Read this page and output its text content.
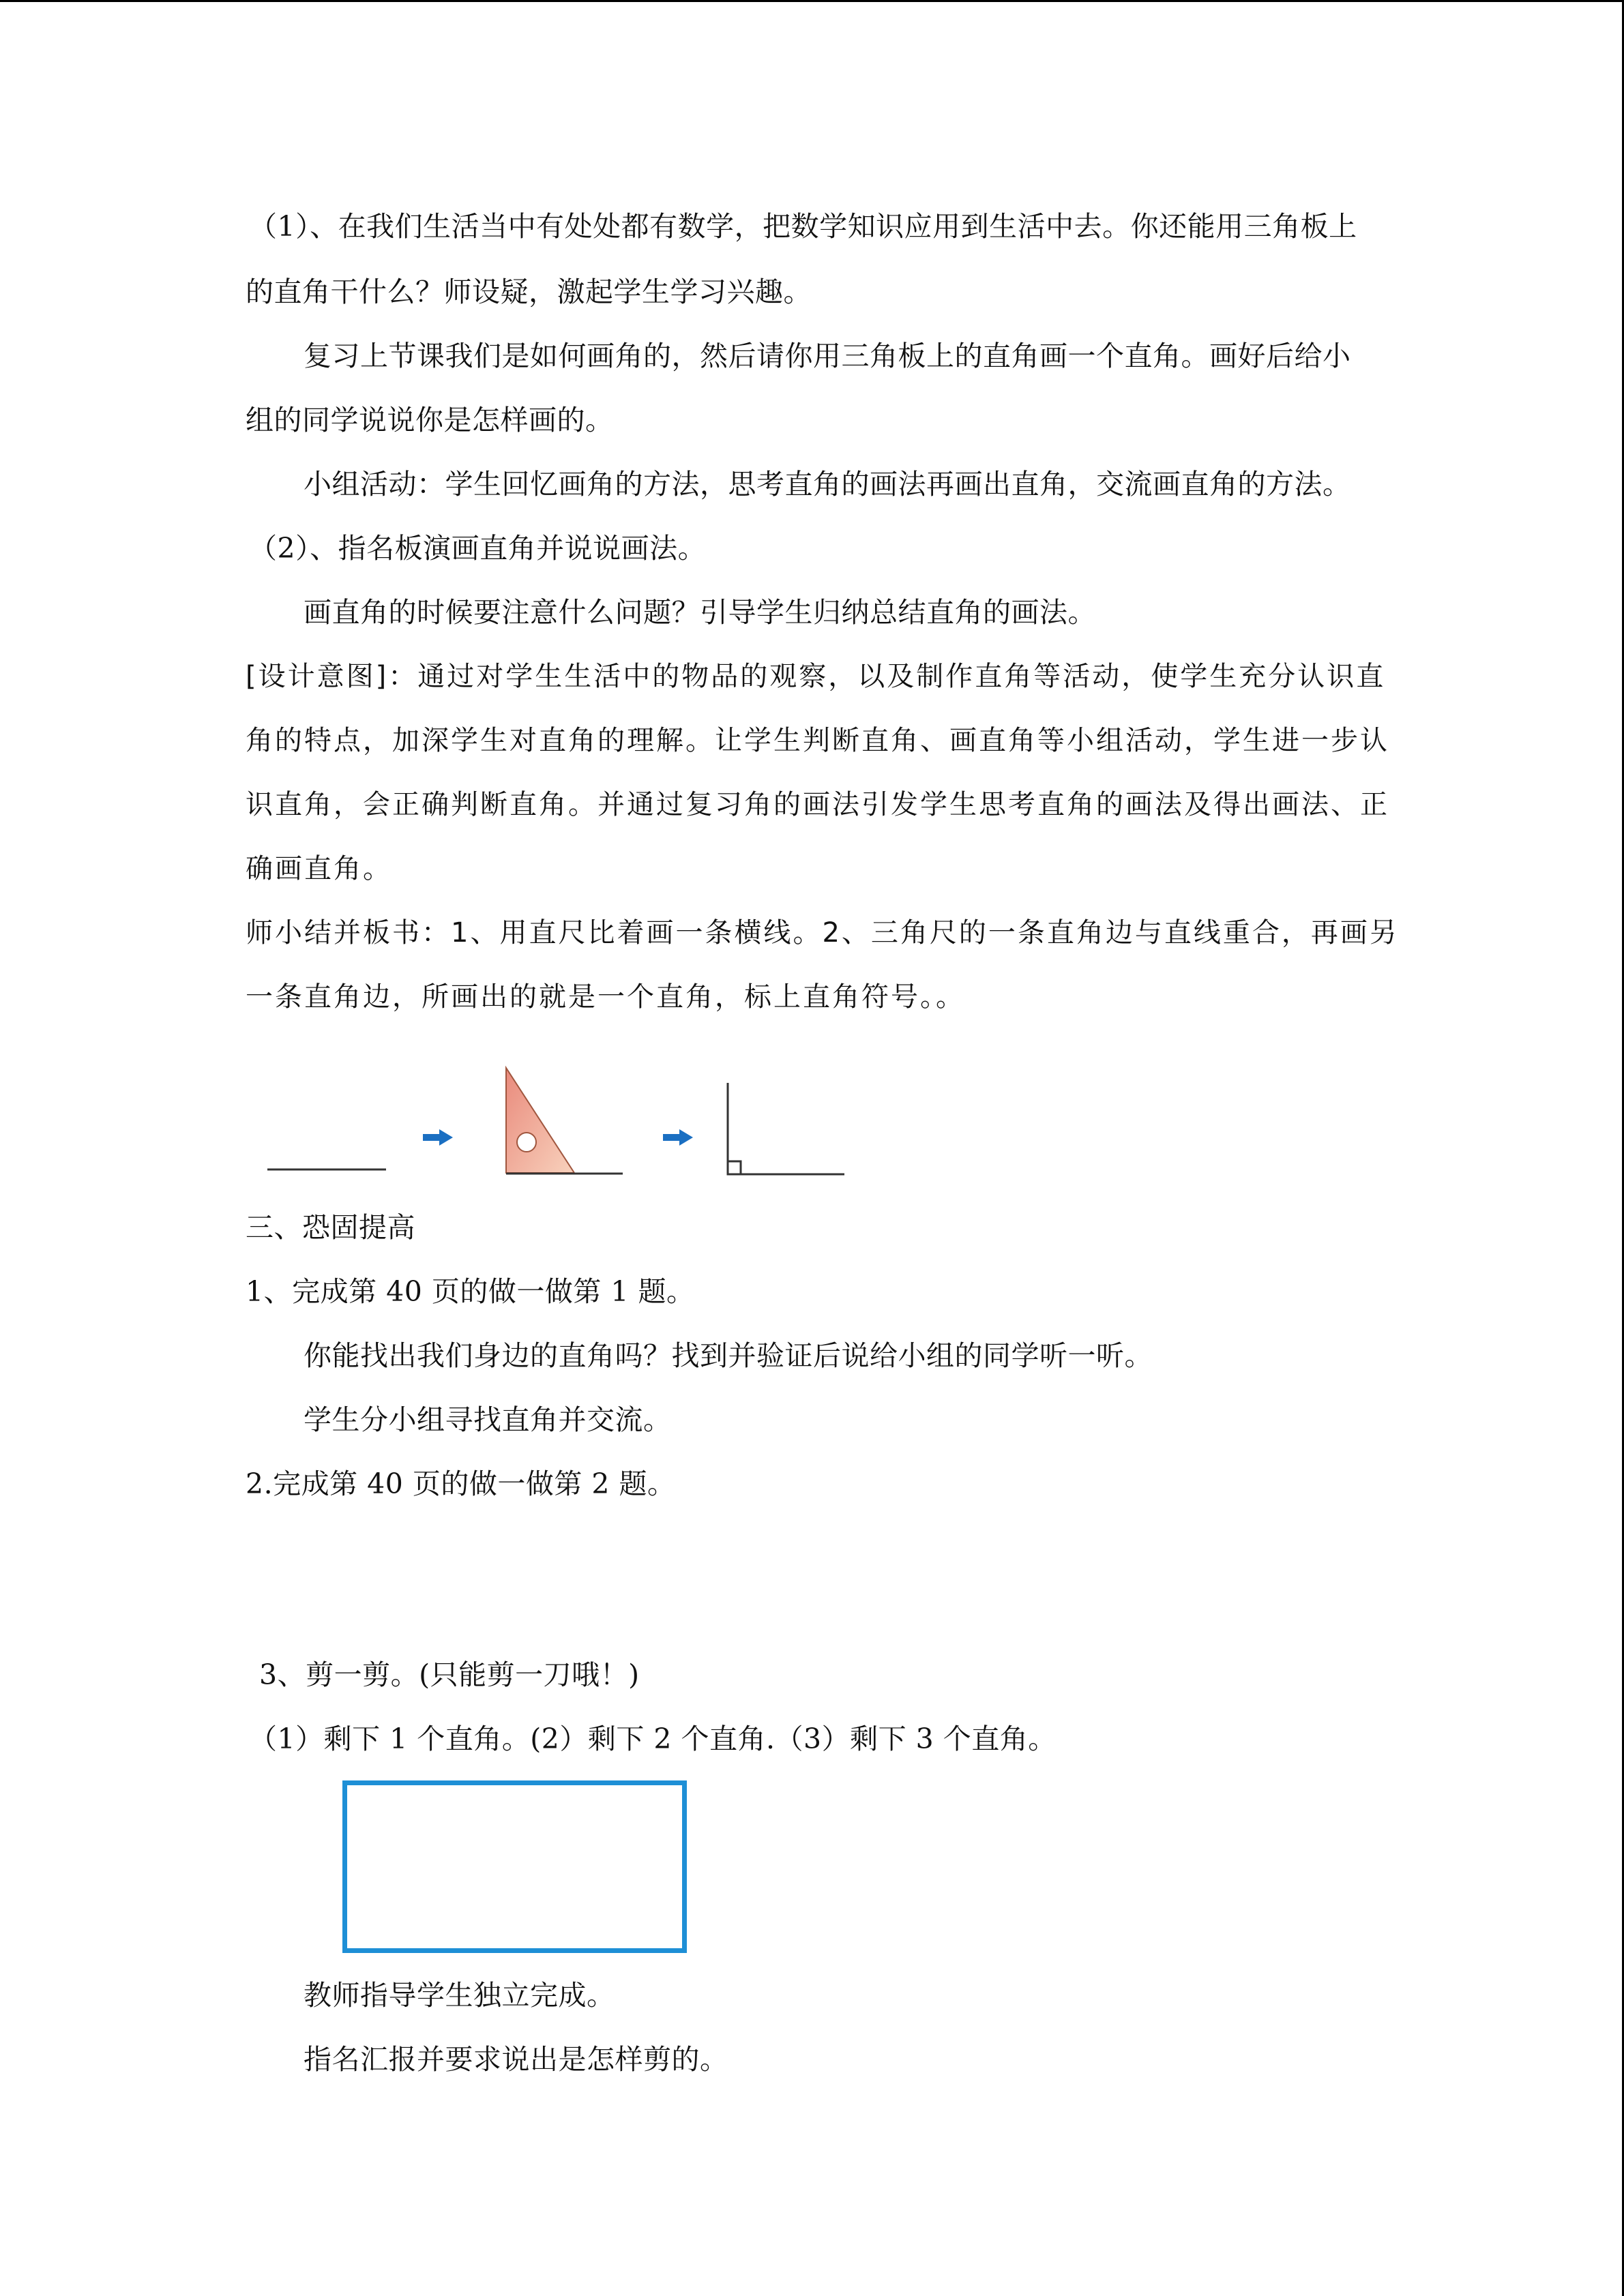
（1）、在我们生活当中有处处都有数学，把数学知识应用到生活中去。你还能用三角板上
的直角干什么？师设疑，激起学生学习兴趣。
复习上节课我们是如何画角的，然后请你用三角板上的直角画一个直角。画好后给小
组的同学说说你是怎样画的。
小组活动：学生回忆画角的方法，思考直角的画法再画出直角，交流画直角的方法。
（2）、指名板演画直角并说说画法。
画直角的时候要注意什么问题？引导学生归纳总结直角的画法。
[设计意图]：通过对学生生活中的物品的观察，以及制作直角等活动，使学生充分认识直
角的特点，加深学生对直角的理解。让学生判断直角、画直角等小组活动，学生进一步认
识直角，会正确判断直角。并通过复习角的画法引发学生思考直角的画法及得出画法、正
确画直角。
师小结并板书：1、用直尺比着画一条横线。2、三角尺的一条直角边与直线重合，再画另
一条直角边，所画出的就是一个直角，标上直角符号。。
三、恐固提高
1、完成第 40 页的做一做第 1 题。
你能找出我们身边的直角吗？找到并验证后说给小组的同学听一听。
学生分小组寻找直角并交流。
2.完成第 40 页的做一做第 2 题。
3、剪一剪。(只能剪一刀哦！)
（1）剩下 1 个直角。(2）剩下 2 个直角.（3）剩下 3 个直角。
教师指导学生独立完成。
指名汇报并要求说出是怎样剪的。
